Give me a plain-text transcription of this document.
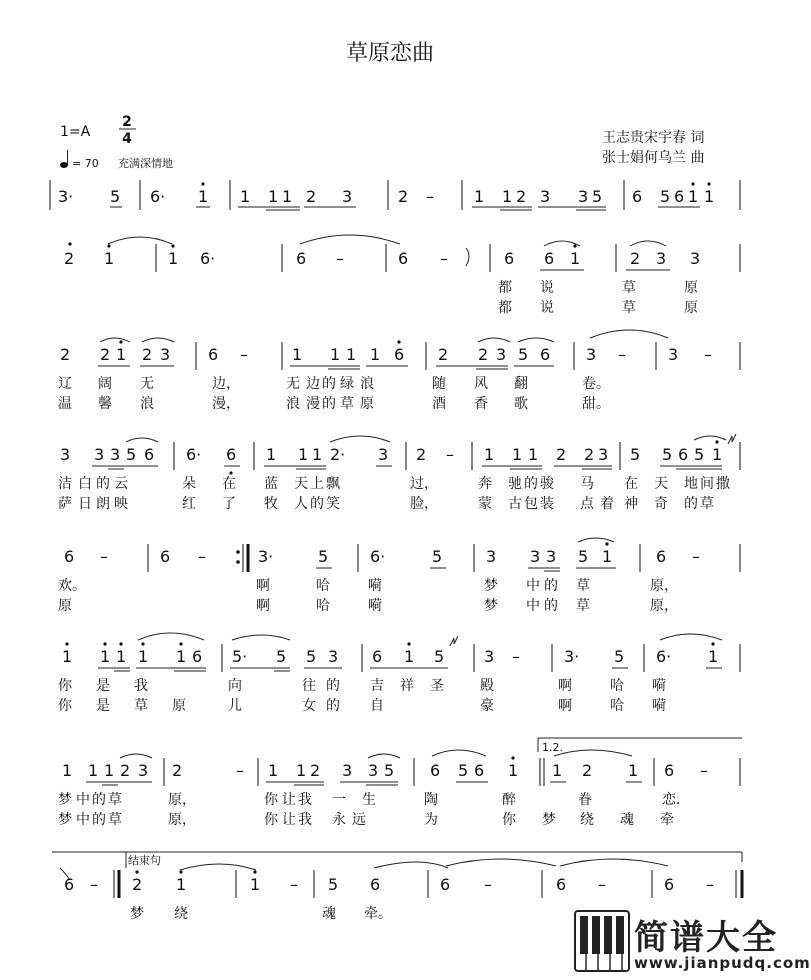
草原恋曲
1=A
2
4
= 70 充满深情地
王志贵宋宇春 词
张士娟何乌兰 曲
3· 5 6· 1 1 1 1 2 3	2 –	1 1 2 3 3 5 6 5 6 1 1
2 1	1 6·	6 –	6 –	6 6 1	2 3 3
都 说	草	原
都 说	草	原
2 2 1 2 3 6 –	1 1 1 1 6 2 2 3 5 6 3 –	3 –
辽 阔 无	边，	无 边 的 绿 浪	随 风 翻	卷。
温 馨 浪	漫，	浪 漫 的 草 原	酒 香 歌	甜。
3 3 3 5 6 6· 6 1 1 1 2· 3 2 – 1 1 1 2 2 3 5 5 6 5 1
洁 白 的 云	朵 在 蓝 天 上 飘	过，	奔 驰 的 骏 马 在 天 地 间 撒
萨 日 朗 映	红 了 牧 人 的 笑	脸，	蒙 古 包 装 点 着 神 奇 的 草
6 –	6 –	3·	5	6·	5	3 3 3 5 1	6 –
欢。	啊	哈	嗬	梦 中 的 草	原，
原	啊	哈	嗬	梦 中 的 草	原，
1 1 1 1 1 6 5· 5 5 3 6 1 5 3 –	3· 5 6· 1
你 是 我	向	往 的 吉 祥 圣	殿	啊	哈 嗬
你 是 草 原	儿	女 的 自	豪	啊	哈 嗬
1.2.
1 1 1 2 3 2	– 1 1 2 3 3 5 6 5 6 1 1 2 1 6 –
梦 中 的 草	原，	你 让 我 一 生	陶	醉	眷	恋.
梦 中 的 草	原，	你 让 我 永 远	为	你 梦 绕 魂 牵
结束句
6 – 2 1	1 – 5 6	6 –	6 –	6 –
梦 绕	魂 牵。
简谱大全
www.jianpudq.com
